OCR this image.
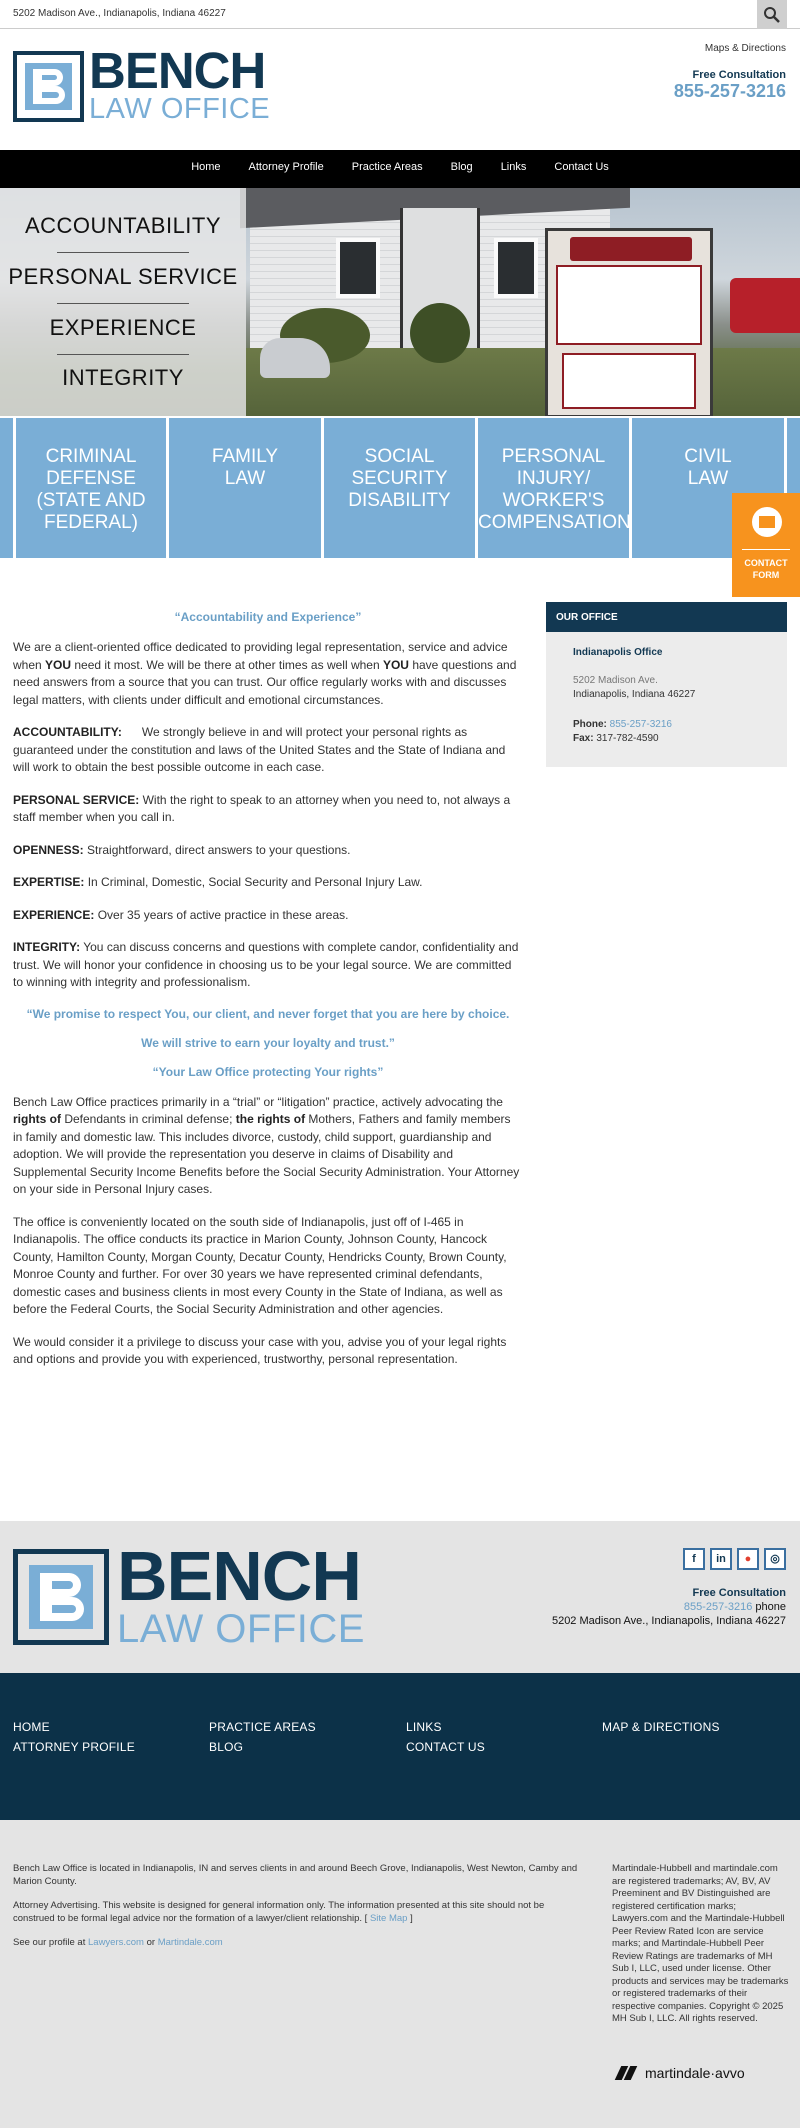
5202 Madison Ave., Indianapolis, Indiana 46227
BENCH
LAW OFFICE
Maps & Directions
Free Consultation
855-257-3216
Home	Attorney Profile	Practice Areas	Blog	Links	Contact Us
ACCOUNTABILITY
PERSONAL SERVICE
EXPERIENCE
INTEGRITY
CRIMINAL
DEFENSE
(STATE AND
FEDERAL)
FAMILY
LAW
SOCIAL
SECURITY
DISABILITY
PERSONAL
INJURY/
WORKER'S
COMPENSATION
CIVIL
LAW
CONTACT
FORM
“Accountability and Experience”

We are a client-oriented office dedicated to providing legal representation, service and advice when YOU need it most. We will be there at other times as well when YOU have questions and need answers from a source that you can trust. Our office regularly works with and discusses legal matters, with clients under difficult and emotional circumstances.

ACCOUNTABILITY: We strongly believe in and will protect your personal rights as guaranteed under the constitution and laws of the United States and the State of Indiana and will work to obtain the best possible outcome in each case.

PERSONAL SERVICE: With the right to speak to an attorney when you need to, not always a staff member when you call in.

OPENNESS: Straightforward, direct answers to your questions.

EXPERTISE: In Criminal, Domestic, Social Security and Personal Injury Law.

EXPERIENCE: Over 35 years of active practice in these areas.

INTEGRITY: You can discuss concerns and questions with complete candor, confidentiality and trust. We will honor your confidence in choosing us to be your legal source. We are committed to winning with integrity and professionalism.

“We promise to respect You, our client, and never forget that you are here by choice.
We will strive to earn your loyalty and trust.”
“Your Law Office protecting Your rights”

Bench Law Office practices primarily in a “trial” or “litigation” practice, actively advocating the rights of Defendants in criminal defense; the rights of Mothers, Fathers and family members in family and domestic law. This includes divorce, custody, child support, guardianship and adoption. We will provide the representation you deserve in claims of Disability and Supplemental Security Income Benefits before the Social Security Administration. Your Attorney on your side in Personal Injury cases.

The office is conveniently located on the south side of Indianapolis, just off of I-465 in Indianapolis. The office conducts its practice in Marion County, Johnson County, Hancock County, Hamilton County, Morgan County, Decatur County, Hendricks County, Brown County, Monroe County and further. For over 30 years we have represented criminal defendants, domestic cases and business clients in most every County in the State of Indiana, as well as before the Federal Courts, the Social Security Administration and other agencies.

We would consider it a privilege to discuss your case with you, advise you of your legal rights and options and provide you with experienced, trustworthy, personal representation.

OUR OFFICE
Indianapolis Office
5202 Madison Ave.
Indianapolis, Indiana 46227
Phone: 855-257-3216
Fax: 317-782-4590
BENCH
LAW OFFICE
f	in	●	◎
Free Consultation
855-257-3216 phone
5202 Madison Ave., Indianapolis, Indiana 46227
HOME	PRACTICE AREAS	LINKS	MAP & DIRECTIONS
ATTORNEY PROFILE	BLOG	CONTACT US

Bench Law Office is located in Indianapolis, IN and serves clients in and around Beech Grove, Indianapolis, West Newton, Camby and Marion County.

Attorney Advertising. This website is designed for general information only. The information presented at this site should not be construed to be formal legal advice nor the formation of a lawyer/client relationship. [ Site Map ]

See our profile at Lawyers.com or Martindale.com

Martindale-Hubbell and martindale.com are registered trademarks; AV, BV, AV Preeminent and BV Distinguished are registered certification marks; Lawyers.com and the Martindale-Hubbell Peer Review Rated Icon are service marks; and Martindale-Hubbell Peer Review Ratings are trademarks of MH Sub I, LLC, used under license. Other products and services may be trademarks or registered trademarks of their respective companies. Copyright © 2025 MH Sub I, LLC. All rights reserved.
martindale·avvo
